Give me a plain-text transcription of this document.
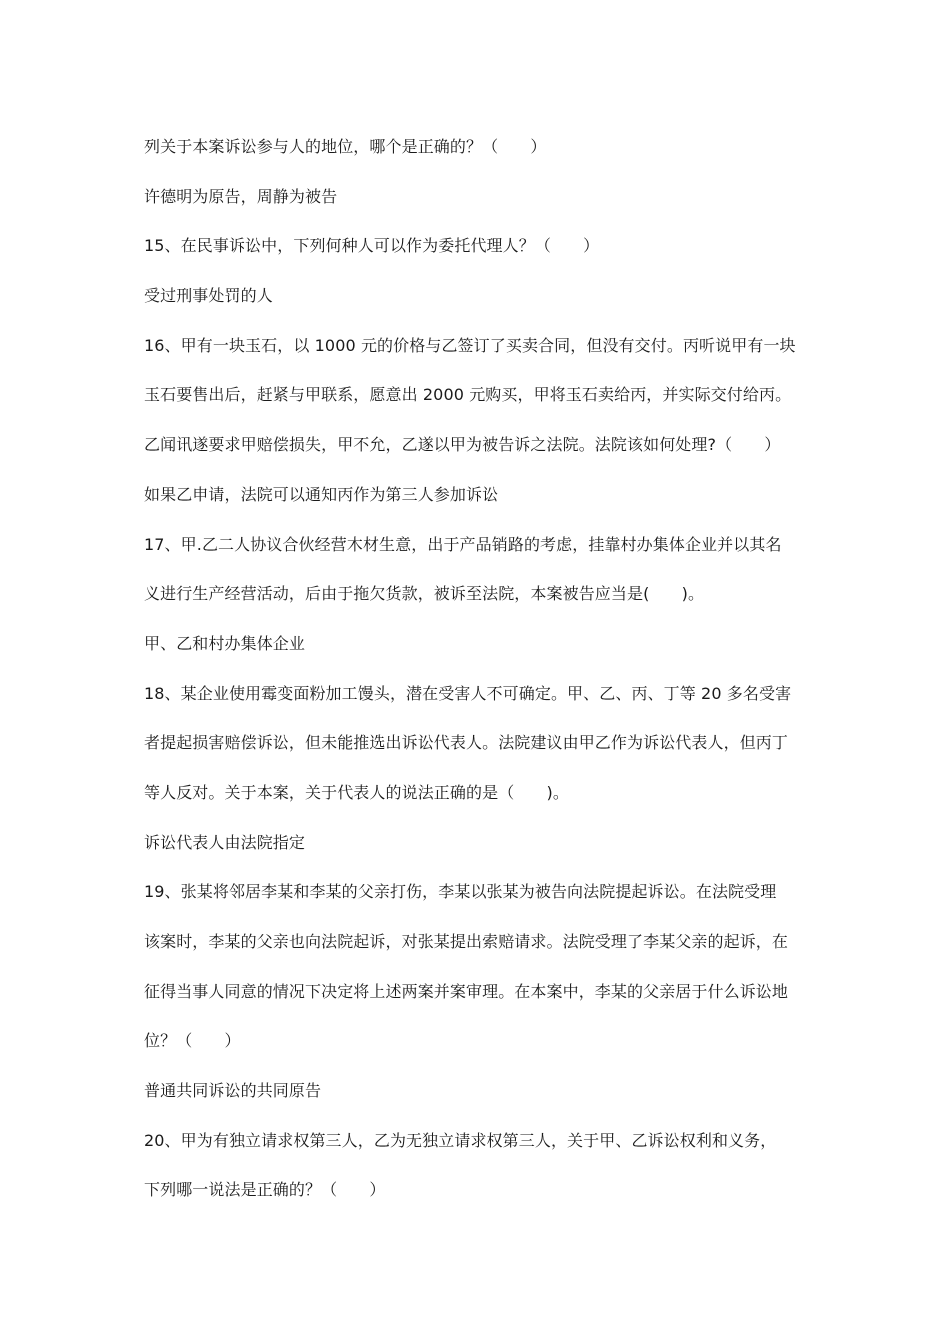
列关于本案诉讼参与人的地位，哪个是正确的？（　　）
许德明为原告，周静为被告
15、在民事诉讼中，下列何种人可以作为委托代理人？（　　）
受过刑事处罚的人
16、甲有一块玉石，以 1000 元的价格与乙签订了买卖合同，但没有交付。丙听说甲有一块
玉石要售出后，赶紧与甲联系，愿意出 2000 元购买，甲将玉石卖给丙，并实际交付给丙。
乙闻讯遂要求甲赔偿损失，甲不允，乙遂以甲为被告诉之法院。法院该如何处理?（　　）
如果乙申请，法院可以通知丙作为第三人参加诉讼
17、甲.乙二人协议合伙经营木材生意，出于产品销路的考虑，挂靠村办集体企业并以其名
义进行生产经营活动，后由于拖欠货款，被诉至法院，本案被告应当是(　　)。
甲、乙和村办集体企业
18、某企业使用霉变面粉加工馒头，潜在受害人不可确定。甲、乙、丙、丁等 20 多名受害
者提起损害赔偿诉讼，但未能推选出诉讼代表人。法院建议由甲乙作为诉讼代表人，但丙丁
等人反对。关于本案，关于代表人的说法正确的是（　　)。
诉讼代表人由法院指定
19、张某将邻居李某和李某的父亲打伤，李某以张某为被告向法院提起诉讼。在法院受理
该案时，李某的父亲也向法院起诉，对张某提出索赔请求。法院受理了李某父亲的起诉，在
征得当事人同意的情况下决定将上述两案并案审理。在本案中，李某的父亲居于什么诉讼地
位？（　　）
普通共同诉讼的共同原告
20、甲为有独立请求权第三人，乙为无独立请求权第三人，关于甲、乙诉讼权利和义务，
下列哪一说法是正确的？（　　）
